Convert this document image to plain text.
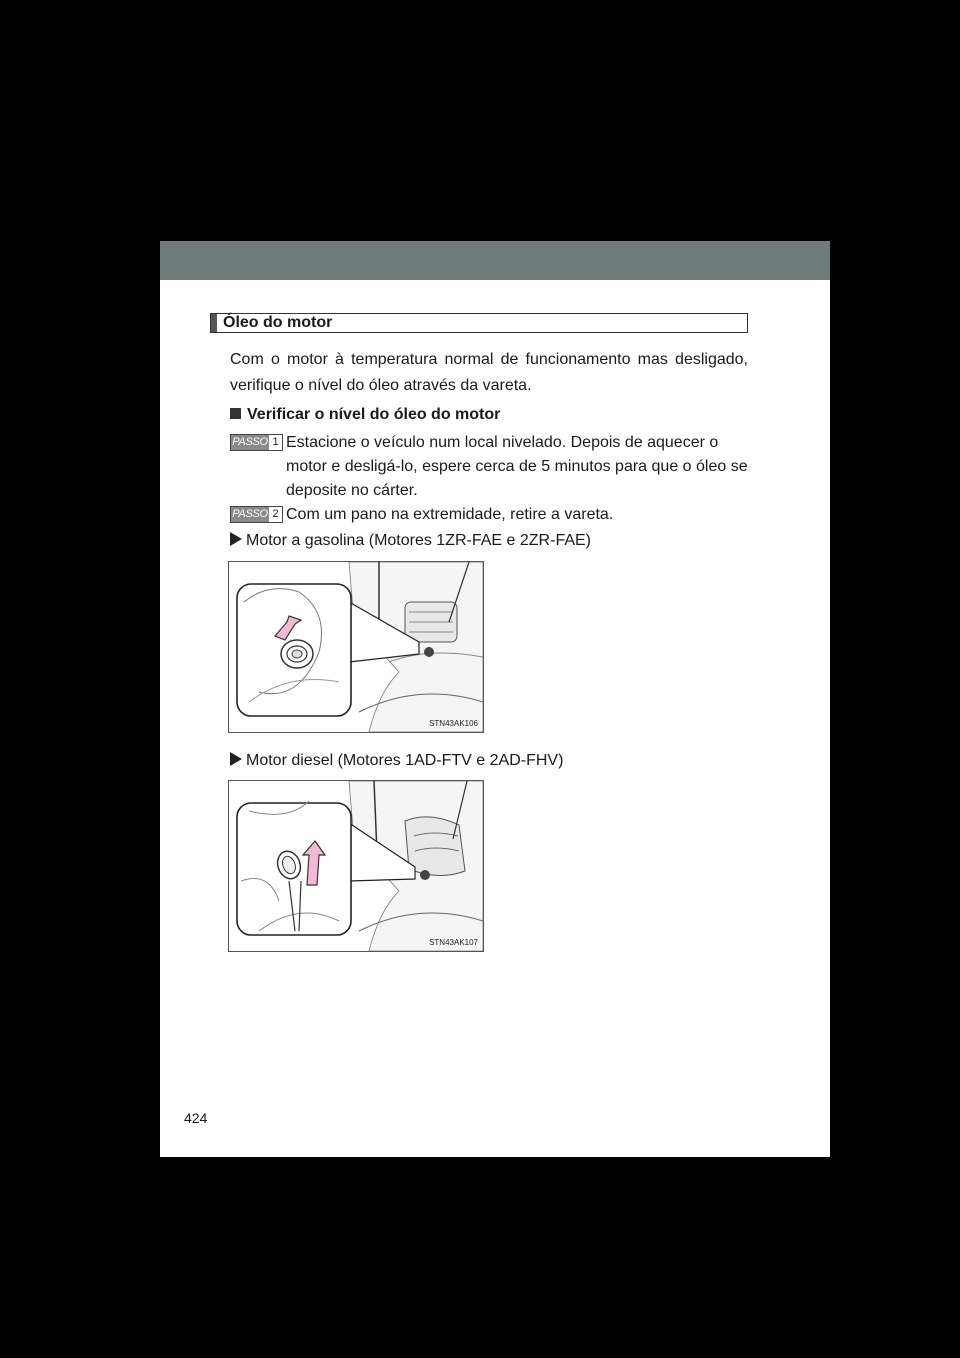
Óleo do motor
Com o motor à temperatura normal de funcionamento mas desligado, verifique o nível do óleo através da vareta.
Verificar o nível do óleo do motor
PASSO 1 Estacione o veículo num local nivelado. Depois de aquecer o motor e desligá-lo, espere cerca de 5 minutos para que o óleo se deposite no cárter.
PASSO 2 Com um pano na extremidade, retire a vareta.
Motor a gasolina (Motores 1ZR-FAE e 2ZR-FAE)
STN43AK106
Motor diesel (Motores 1AD-FTV e 2AD-FHV)
STN43AK107
424
